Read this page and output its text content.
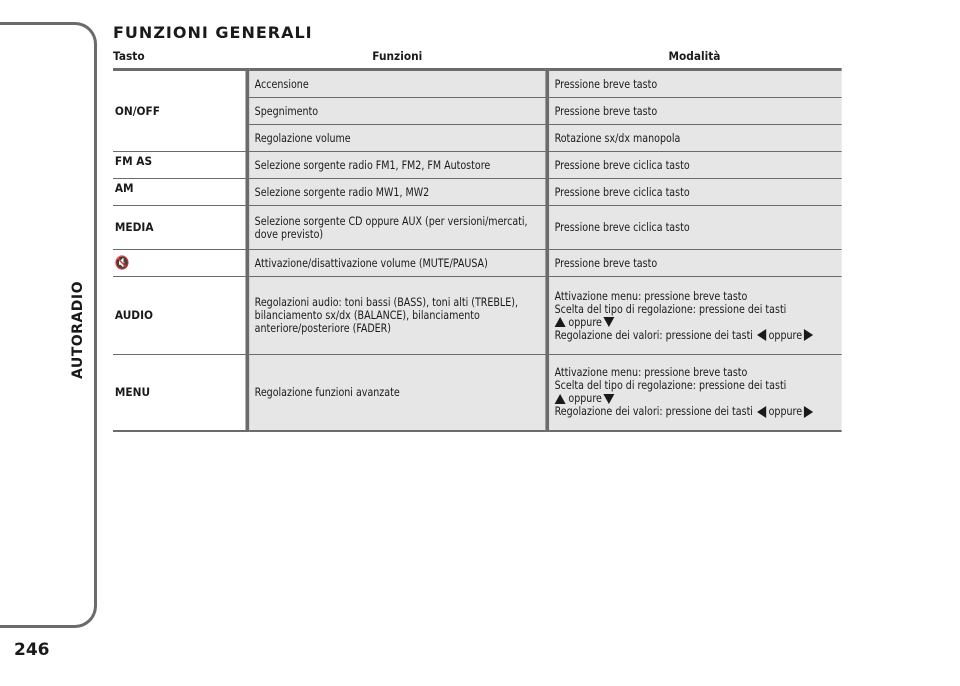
AUTORADIO
246
FUNZIONI GENERALI
Tasto	Funzioni	Modalità
ON/OFF	Accensione	Pressione breve tasto
	Spegnimento	Pressione breve tasto
	Regolazione volume	Rotazione sx/dx manopola
FM AS	Selezione sorgente radio FM1, FM2, FM Autostore	Pressione breve ciclica tasto
AM	Selezione sorgente radio MW1, MW2	Pressione breve ciclica tasto
MEDIA	Selezione sorgente CD oppure AUX (per versioni/mercati, dove previsto)	Pressione breve ciclica tasto
🔇	Attivazione/disattivazione volume (MUTE/PAUSA)	Pressione breve tasto
AUDIO	Regolazioni audio: toni bassi (BASS), toni alti (TREBLE), bilanciamento sx/dx (BALANCE), bilanciamento anteriore/posteriore (FADER)	Attivazione menu: pressione breve tasto
Scelta del tipo di regolazione: pressione dei tasti
oppure
Regolazione dei valori: pressione dei tasti oppure

MENU	Regolazione funzioni avanzate	Attivazione menu: pressione breve tasto
Scelta del tipo di regolazione: pressione dei tasti
oppure
Regolazione dei valori: pressione dei tasti oppure
